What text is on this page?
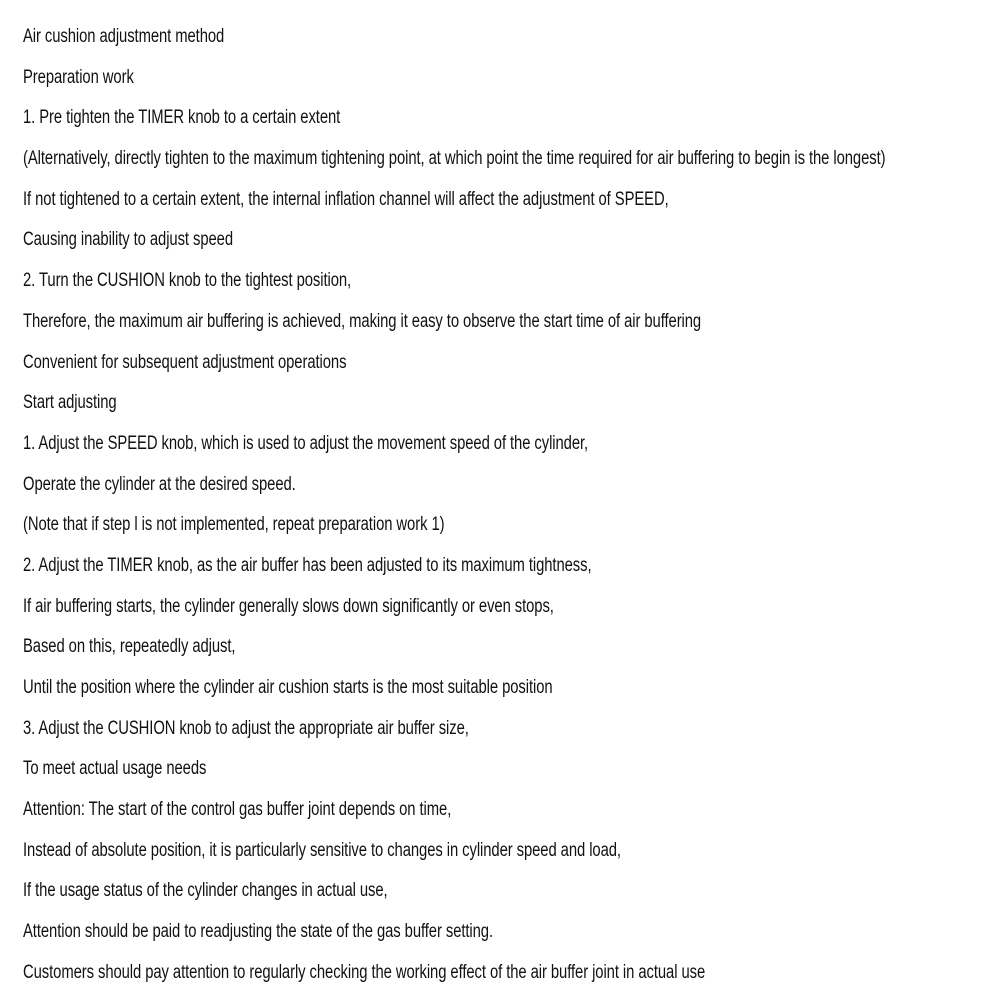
Air cushion adjustment method
Preparation work
1. Pre tighten the TIMER knob to a certain extent
(Alternatively, directly tighten to the maximum tightening point, at which point the time required for air buffering to begin is the longest)
If not tightened to a certain extent, the internal inflation channel will affect the adjustment of SPEED,
Causing inability to adjust speed
2. Turn the CUSHION knob to the tightest position,
Therefore, the maximum air buffering is achieved, making it easy to observe the start time of air buffering
Convenient for subsequent adjustment operations
Start adjusting
1. Adjust the SPEED knob, which is used to adjust the movement speed of the cylinder,
Operate the cylinder at the desired speed.
(Note that if step l is not implemented, repeat preparation work 1)
2. Adjust the TIMER knob, as the air buffer has been adjusted to its maximum tightness,
If air buffering starts, the cylinder generally slows down significantly or even stops,
Based on this, repeatedly adjust,
Until the position where the cylinder air cushion starts is the most suitable position
3. Adjust the CUSHION knob to adjust the appropriate air buffer size,
To meet actual usage needs
Attention: The start of the control gas buffer joint depends on time,
Instead of absolute position, it is particularly sensitive to changes in cylinder speed and load,
If the usage status of the cylinder changes in actual use,
Attention should be paid to readjusting the state of the gas buffer setting.
Customers should pay attention to regularly checking the working effect of the air buffer joint in actual use
